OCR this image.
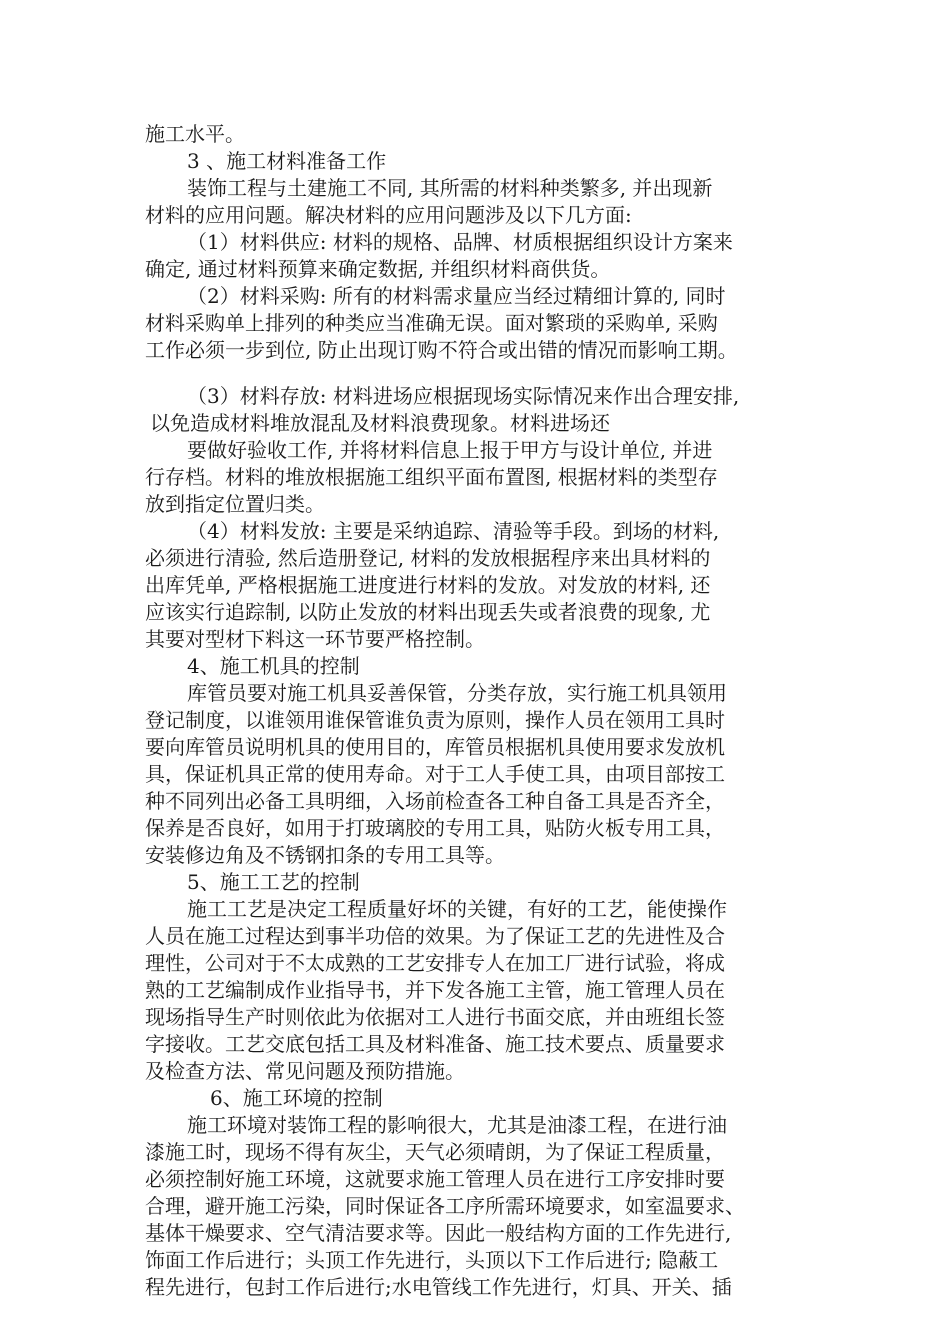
施工水平。
3 、施工材料准备工作
装饰工程与土建施工不同, 其所需的材料种类繁多, 并出现新
材料的应用问题。解决材料的应用问题涉及以下几方面:
（1）材料供应: 材料的规格、品牌、材质根据组织设计方案来
确定, 通过材料预算来确定数据, 并组织材料商供货。
（2）材料采购: 所有的材料需求量应当经过精细计算的, 同时
材料采购单上排列的种类应当准确无误。面对繁琐的采购单, 采购
工作必须一步到位, 防止出现订购不符合或出错的情况而影响工期。
（3）材料存放: 材料进场应根据现场实际情况来作出合理安排,
以免造成材料堆放混乱及材料浪费现象。材料进场还
要做好验收工作, 并将材料信息上报于甲方与设计单位, 并进
行存档。材料的堆放根据施工组织平面布置图, 根据材料的类型存
放到指定位置归类。
（4）材料发放: 主要是采纳追踪、清验等手段。到场的材料,
必须进行清验, 然后造册登记, 材料的发放根据程序来出具材料的
出库凭单, 严格根据施工进度进行材料的发放。对发放的材料, 还
应该实行追踪制, 以防止发放的材料出现丢失或者浪费的现象, 尤
其要对型材下料这一环节要严格控制。
4、施工机具的控制
库管员要对施工机具妥善保管，分类存放，实行施工机具领用
登记制度，以谁领用谁保管谁负责为原则，操作人员在领用工具时
要向库管员说明机具的使用目的，库管员根据机具使用要求发放机
具，保证机具正常的使用寿命。对于工人手使工具，由项目部按工
种不同列出必备工具明细，入场前检查各工种自备工具是否齐全，
保养是否良好，如用于打玻璃胶的专用工具，贴防火板专用工具，
安装修边角及不锈钢扣条的专用工具等。
5、施工工艺的控制
施工工艺是决定工程质量好坏的关键，有好的工艺，能使操作
人员在施工过程达到事半功倍的效果。为了保证工艺的先进性及合
理性，公司对于不太成熟的工艺安排专人在加工厂进行试验，将成
熟的工艺编制成作业指导书，并下发各施工主管，施工管理人员在
现场指导生产时则依此为依据对工人进行书面交底，并由班组长签
字接收。工艺交底包括工具及材料准备、施工技术要点、质量要求
及检查方法、常见问题及预防措施。
6、施工环境的控制
施工环境对装饰工程的影响很大，尤其是油漆工程，在进行油
漆施工时，现场不得有灰尘，天气必须晴朗，为了保证工程质量，
必须控制好施工环境，这就要求施工管理人员在进行工序安排时要
合理，避开施工污染，同时保证各工序所需环境要求，如室温要求、
基体干燥要求、空气清洁要求等。因此一般结构方面的工作先进行,
饰面工作后进行；头顶工作先进行，头顶以下工作后进行; 隐蔽工
程先进行，包封工作后进行;水电管线工作先进行，灯具、开关、插
